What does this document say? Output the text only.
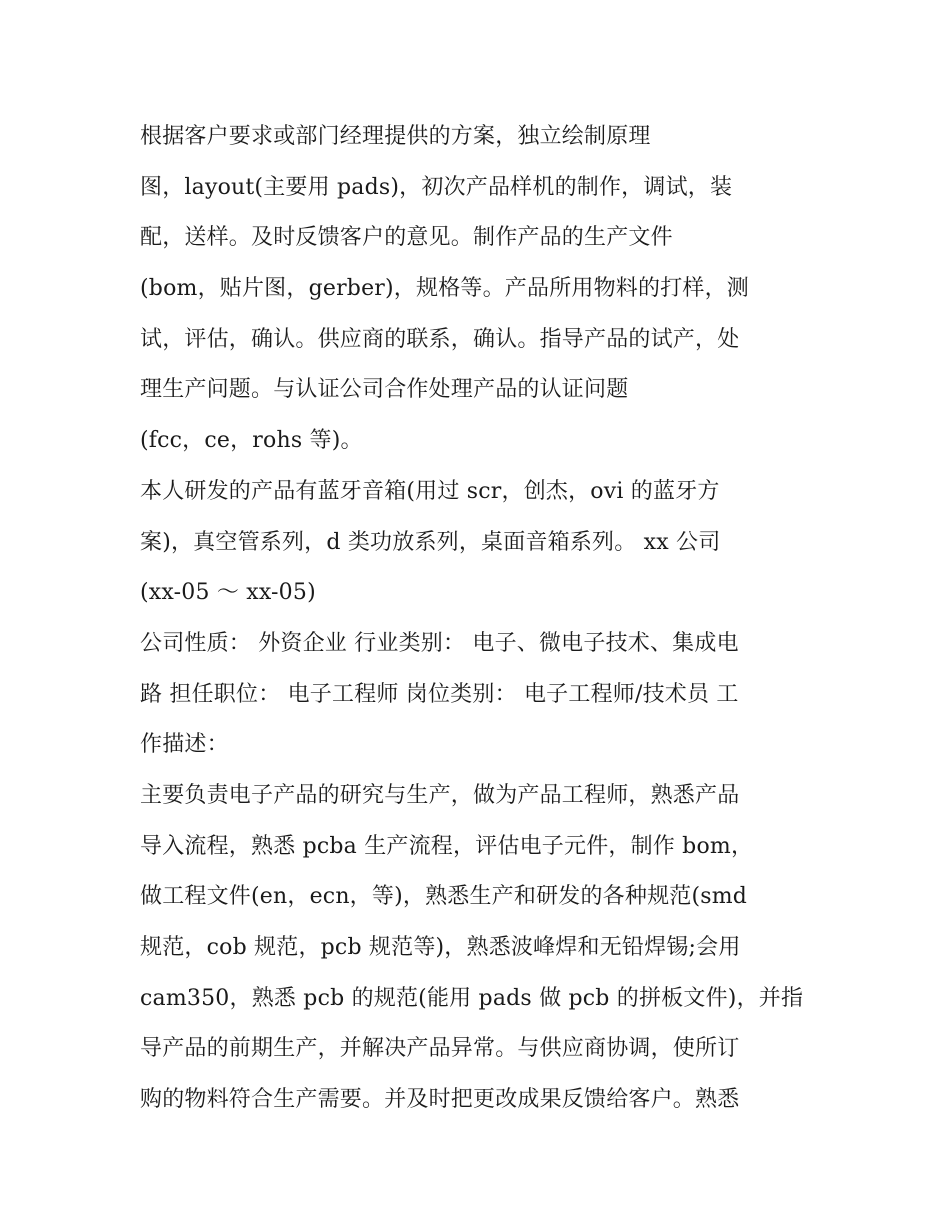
根据客户要求或部门经理提供的方案，独立绘制原理
图，layout(主要用 pads)，初次产品样机的制作，调试，装
配，送样。及时反馈客户的意见。制作产品的生产文件
(bom，贴片图，gerber)，规格等。产品所用物料的打样，测
试，评估，确认。供应商的联系，确认。指导产品的试产，处
理生产问题。与认证公司合作处理产品的认证问题
(fcc，ce，rohs 等)。
本人研发的产品有蓝牙音箱(用过 scr，创杰，ovi 的蓝牙方
案)，真空管系列，d 类功放系列，桌面音箱系列。 xx 公司
(xx-05 ～ xx-05)
公司性质： 外资企业 行业类别： 电子、微电子技术、集成电
路 担任职位： 电子工程师 岗位类别： 电子工程师/技术员 工
作描述：
主要负责电子产品的研究与生产，做为产品工程师，熟悉产品
导入流程，熟悉 pcba 生产流程，评估电子元件，制作 bom，
做工程文件(en，ecn，等)，熟悉生产和研发的各种规范(smd
规范，cob 规范，pcb 规范等)，熟悉波峰焊和无铅焊锡;会用
cam350，熟悉 pcb 的规范(能用 pads 做 pcb 的拼板文件)，并指
导产品的前期生产，并解决产品异常。与供应商协调，使所订
购的物料符合生产需要。并及时把更改成果反馈给客户。熟悉
